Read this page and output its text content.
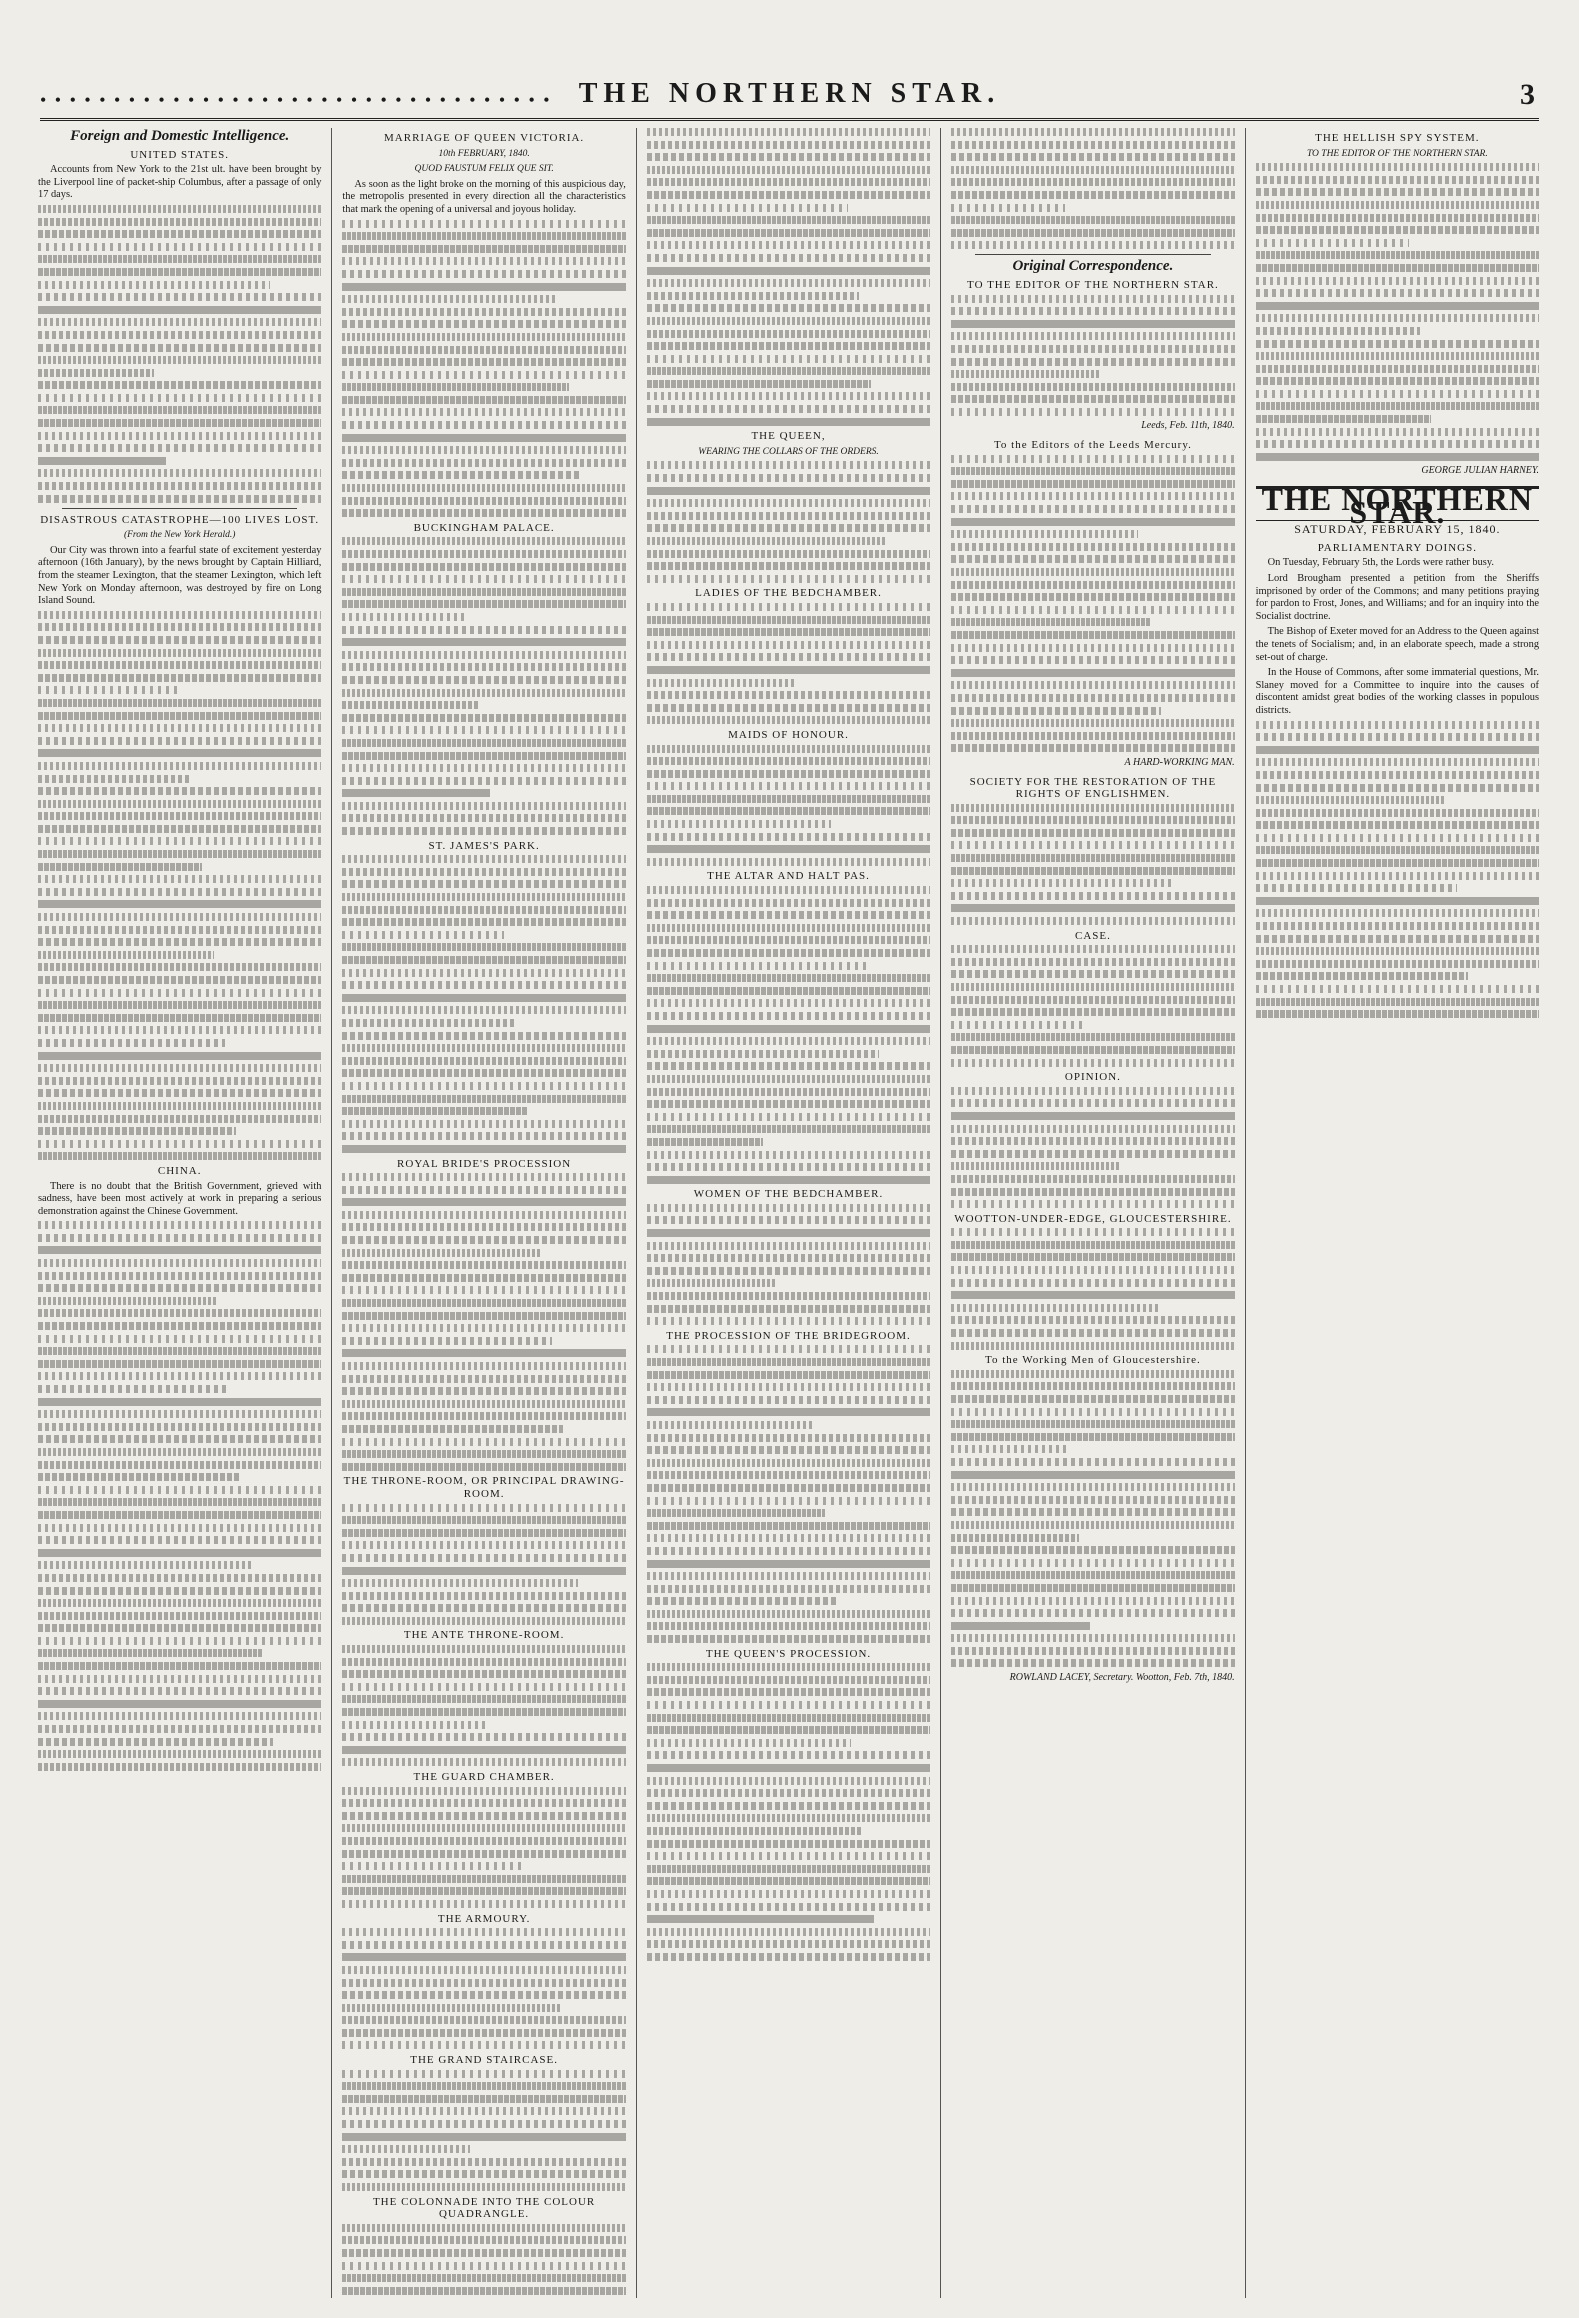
• • • • • • • • • • • • • • • • • • • • • • • • • • • • • • • • • • • THE NORTHERN STAR.	3
Foreign and Domestic Intelligence.
UNITED STATES.

Accounts from New York to the 21st ult. have been brought by the Liverpool line of packet-ship Columbus, after a passage of only 17 days.

DISASTROUS CATASTROPHE—100 LIVES LOST.
(From the New York Herald.)

Our City was thrown into a fearful state of excitement yesterday afternoon (16th January), by the news brought by Captain Hilliard, from the steamer Lexington, that the steamer Lexington, which left New York on Monday afternoon, was destroyed by fire on Long Island Sound.

CHINA.

There is no doubt that the British Government, grieved with sadness, have been most actively at work in preparing a serious demonstration against the Chinese Government.

MARRIAGE OF QUEEN VICTORIA.
10th FEBRUARY, 1840.
QUOD FAUSTUM FELIX QUE SIT.

As soon as the light broke on the morning of this auspicious day, the metropolis presented in every direction all the characteristics that mark the opening of a universal and joyous holiday.

BUCKINGHAM PALACE.
ST. JAMES'S PARK.
ROYAL BRIDE'S PROCESSION
THE THRONE-ROOM, OR PRINCIPAL DRAWING-ROOM.
THE ANTE THRONE-ROOM.
THE GUARD CHAMBER.
THE ARMOURY.
THE GRAND STAIRCASE.
THE COLONNADE INTO THE COLOUR QUADRANGLE.
THE QUEEN,
WEARING THE COLLARS OF THE ORDERS.
LADIES OF THE BEDCHAMBER.
MAIDS OF HONOUR.
THE ALTAR AND HALT PAS.
WOMEN OF THE BEDCHAMBER.
THE PROCESSION OF THE BRIDEGROOM.
THE QUEEN'S PROCESSION.
Original Correspondence.
TO THE EDITOR OF THE NORTHERN STAR.
Leeds, Feb. 11th, 1840.
To the Editors of the Leeds Mercury.
A HARD-WORKING MAN.
SOCIETY FOR THE RESTORATION OF THE RIGHTS OF ENGLISHMEN.
CASE.
OPINION.
WOOTTON-UNDER-EDGE, GLOUCESTERSHIRE.
To the Working Men of Gloucestershire.
ROWLAND LACEY, Secretary. Wootton, Feb. 7th, 1840.
THE HELLISH SPY SYSTEM.
TO THE EDITOR OF THE NORTHERN STAR.
GEORGE JULIAN HARNEY.
THE NORTHERN STAR.
SATURDAY, FEBRUARY 15, 1840.
PARLIAMENTARY DOINGS.

On Tuesday, February 5th, the Lords were rather busy.

Lord Brougham presented a petition from the Sheriffs imprisoned by order of the Commons; and many petitions praying for pardon to Frost, Jones, and Williams; and for an inquiry into the Socialist doctrine.

The Bishop of Exeter moved for an Address to the Queen against the tenets of Socialism; and, in an elaborate speech, made a strong set-out of charge.

In the House of Commons, after some immaterial questions, Mr. Slaney moved for a Committee to inquire into the causes of discontent amidst great bodies of the working classes in populous districts.
